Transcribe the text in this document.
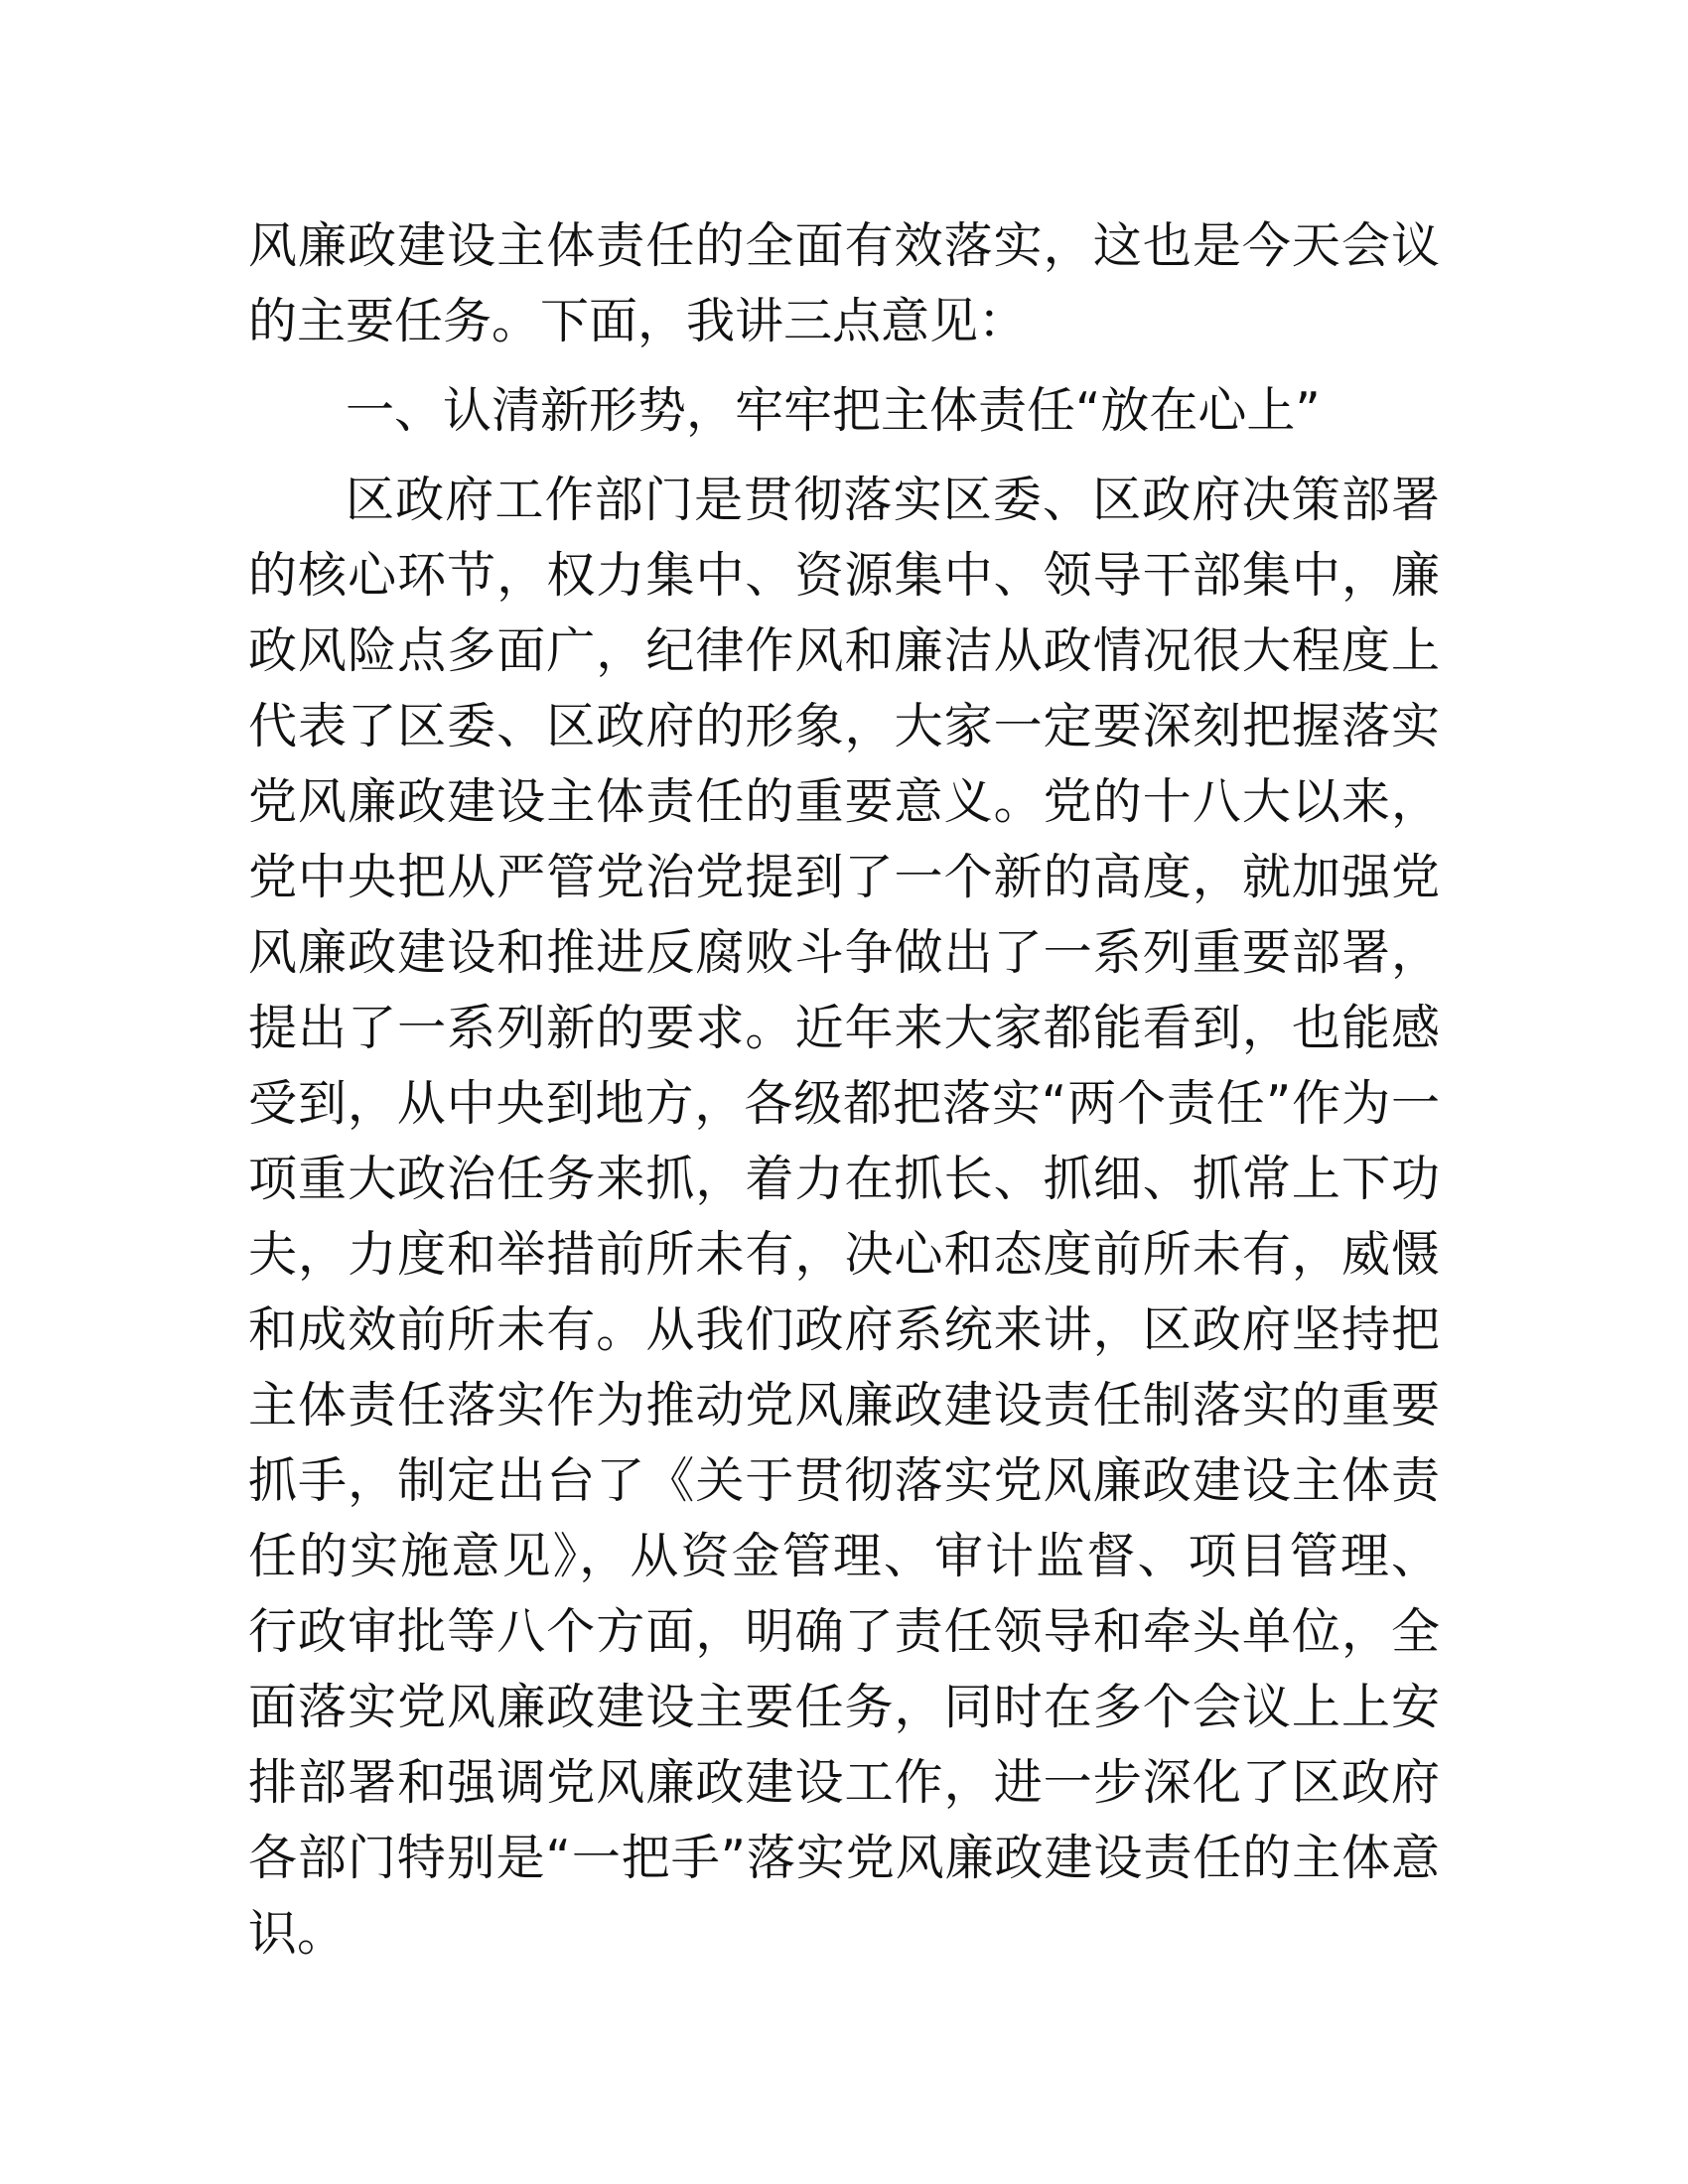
风廉政建设主体责任的全面有效落实，这也是今天会议的主要任务。下面，我讲三点意见：

一、认清新形势，牢牢把主体责任“放在心上”

区政府工作部门是贯彻落实区委、区政府决策部署的核心环节，权力集中、资源集中、领导干部集中，廉政风险点多面广，纪律作风和廉洁从政情况很大程度上代表了区委、区政府的形象，大家一定要深刻把握落实党风廉政建设主体责任的重要意义。党的十八大以来，党中央把从严管党治党提到了一个新的高度，就加强党风廉政建设和推进反腐败斗争做出了一系列重要部署，提出了一系列新的要求。近年来大家都能看到，也能感受到，从中央到地方，各级都把落实“两个责任”作为一项重大政治任务来抓，着力在抓长、抓细、抓常上下功夫，力度和举措前所未有，决心和态度前所未有，威慑和成效前所未有。从我们政府系统来讲，区政府坚持把主体责任落实作为推动党风廉政建设责任制落实的重要抓手，制定出台了《关于贯彻落实党风廉政建设主体责任的实施意见》，从资金管理、审计监督、项目管理、行政审批等八个方面，明确了责任领导和牵头单位，全面落实党风廉政建设主要任务，同时在多个会议上上安排部署和强调党风廉政建设工作，进一步深化了区政府各部门特别是“一把手”落实党风廉政建设责任的主体意识。
